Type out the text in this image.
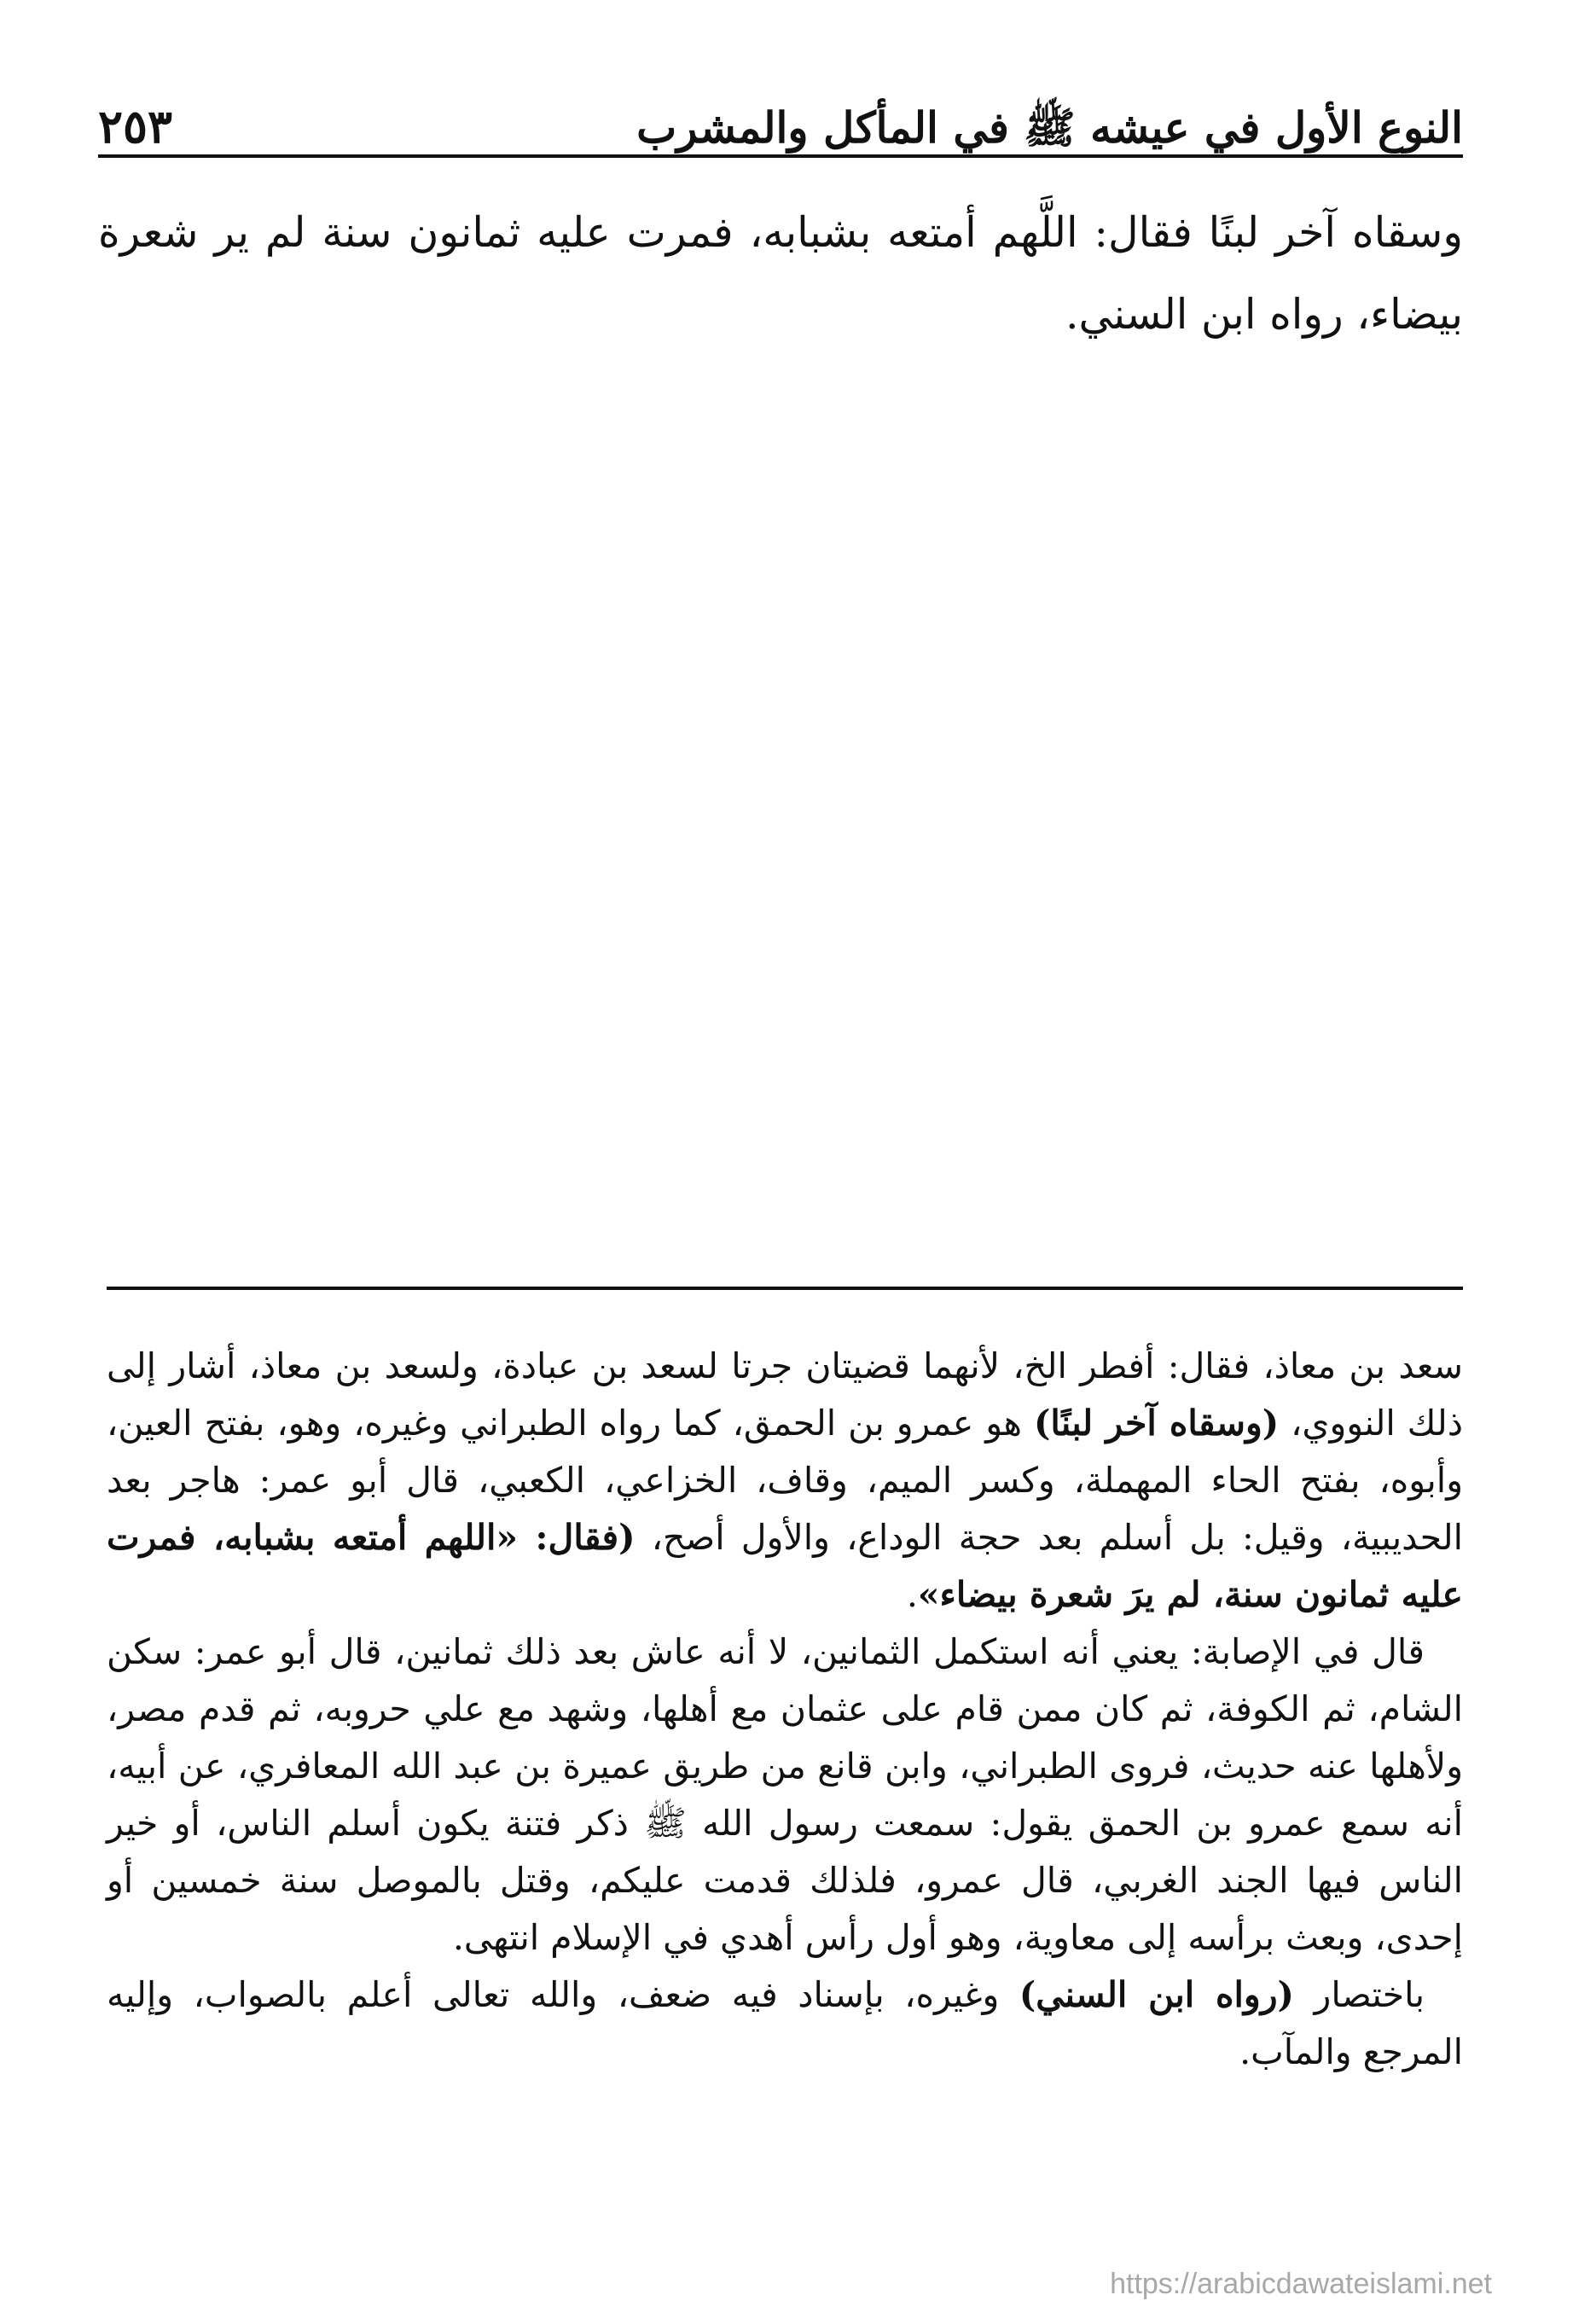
النوع الأول في عيشه ﷺ في المأكل والمشرب
٢٥٣

وسقاه آخر لبنًا فقال: اللَّهم أمتعه بشبابه، فمرت عليه ثمانون سنة لم ير شعرة بيضاء، رواه ابن السني.

سعد بن معاذ، فقال: أفطر الخ، لأنهما قضيتان جرتا لسعد بن عبادة، ولسعد بن معاذ، أشار إلى ذلك النووي، (وسقاه آخر لبنًا) هو عمرو بن الحمق، كما رواه الطبراني وغيره، وهو، بفتح العين، وأبوه، بفتح الحاء المهملة، وكسر الميم، وقاف، الخزاعي، الكعبي، قال أبو عمر: هاجر بعد الحديبية، وقيل: بل أسلم بعد حجة الوداع، والأول أصح، (فقال: «اللهم أمتعه بشبابه، فمرت عليه ثمانون سنة، لم يرَ شعرة بيضاء».

قال في الإصابة: يعني أنه استكمل الثمانين، لا أنه عاش بعد ذلك ثمانين، قال أبو عمر: سكن الشام، ثم الكوفة، ثم كان ممن قام على عثمان مع أهلها، وشهد مع علي حروبه، ثم قدم مصر، ولأهلها عنه حديث، فروى الطبراني، وابن قانع من طريق عميرة بن عبد الله المعافري، عن أبيه، أنه سمع عمرو بن الحمق يقول: سمعت رسول الله ﷺ ذكر فتنة يكون أسلم الناس، أو خير الناس فيها الجند الغربي، قال عمرو، فلذلك قدمت عليكم، وقتل بالموصل سنة خمسين أو إحدى، وبعث برأسه إلى معاوية، وهو أول رأس أهدي في الإسلام انتهى.

باختصار (رواه ابن السني) وغيره، بإسناد فيه ضعف، والله تعالى أعلم بالصواب، وإليه المرجع والمآب.

https://arabicdawateislami.net
